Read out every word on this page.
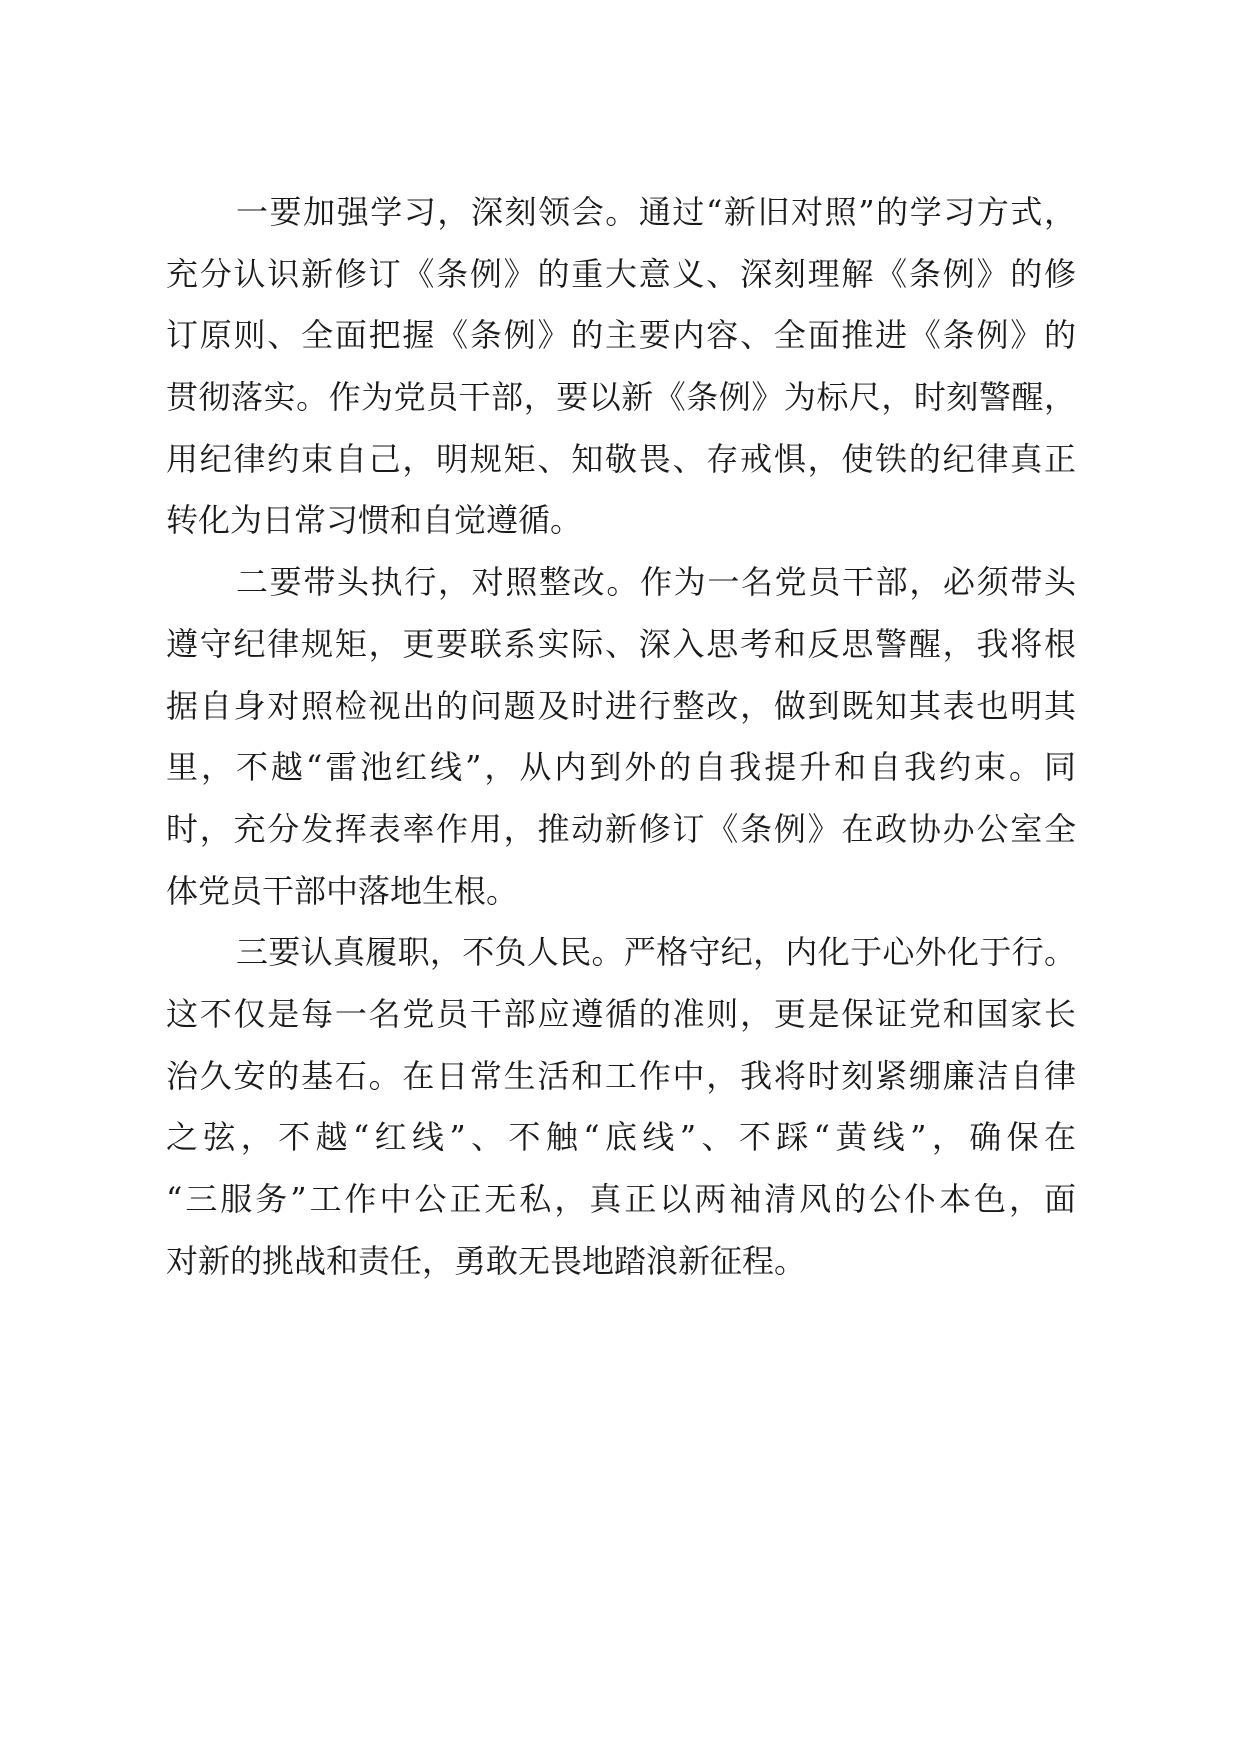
一要加强学习，深刻领会。通过“新旧对照”的学习方式，
充分认识新修订《条例》的重大意义、深刻理解《条例》的修
订原则、全面把握《条例》的主要内容、全面推进《条例》的
贯彻落实。作为党员干部，要以新《条例》为标尺，时刻警醒，
用纪律约束自己，明规矩、知敬畏、存戒惧，使铁的纪律真正
转化为日常习惯和自觉遵循。
二要带头执行，对照整改。作为一名党员干部，必须带头
遵守纪律规矩，更要联系实际、深入思考和反思警醒，我将根
据自身对照检视出的问题及时进行整改，做到既知其表也明其
里，不越“雷池红线”，从内到外的自我提升和自我约束。同
时，充分发挥表率作用，推动新修订《条例》在政协办公室全
体党员干部中落地生根。
三要认真履职，不负人民。严格守纪，内化于心外化于行。
这不仅是每一名党员干部应遵循的准则，更是保证党和国家长
治久安的基石。在日常生活和工作中，我将时刻紧绷廉洁自律
之弦，不越“红线”、不触“底线”、不踩“黄线”，确保在
“三服务”工作中公正无私，真正以两袖清风的公仆本色，面
对新的挑战和责任，勇敢无畏地踏浪新征程。
